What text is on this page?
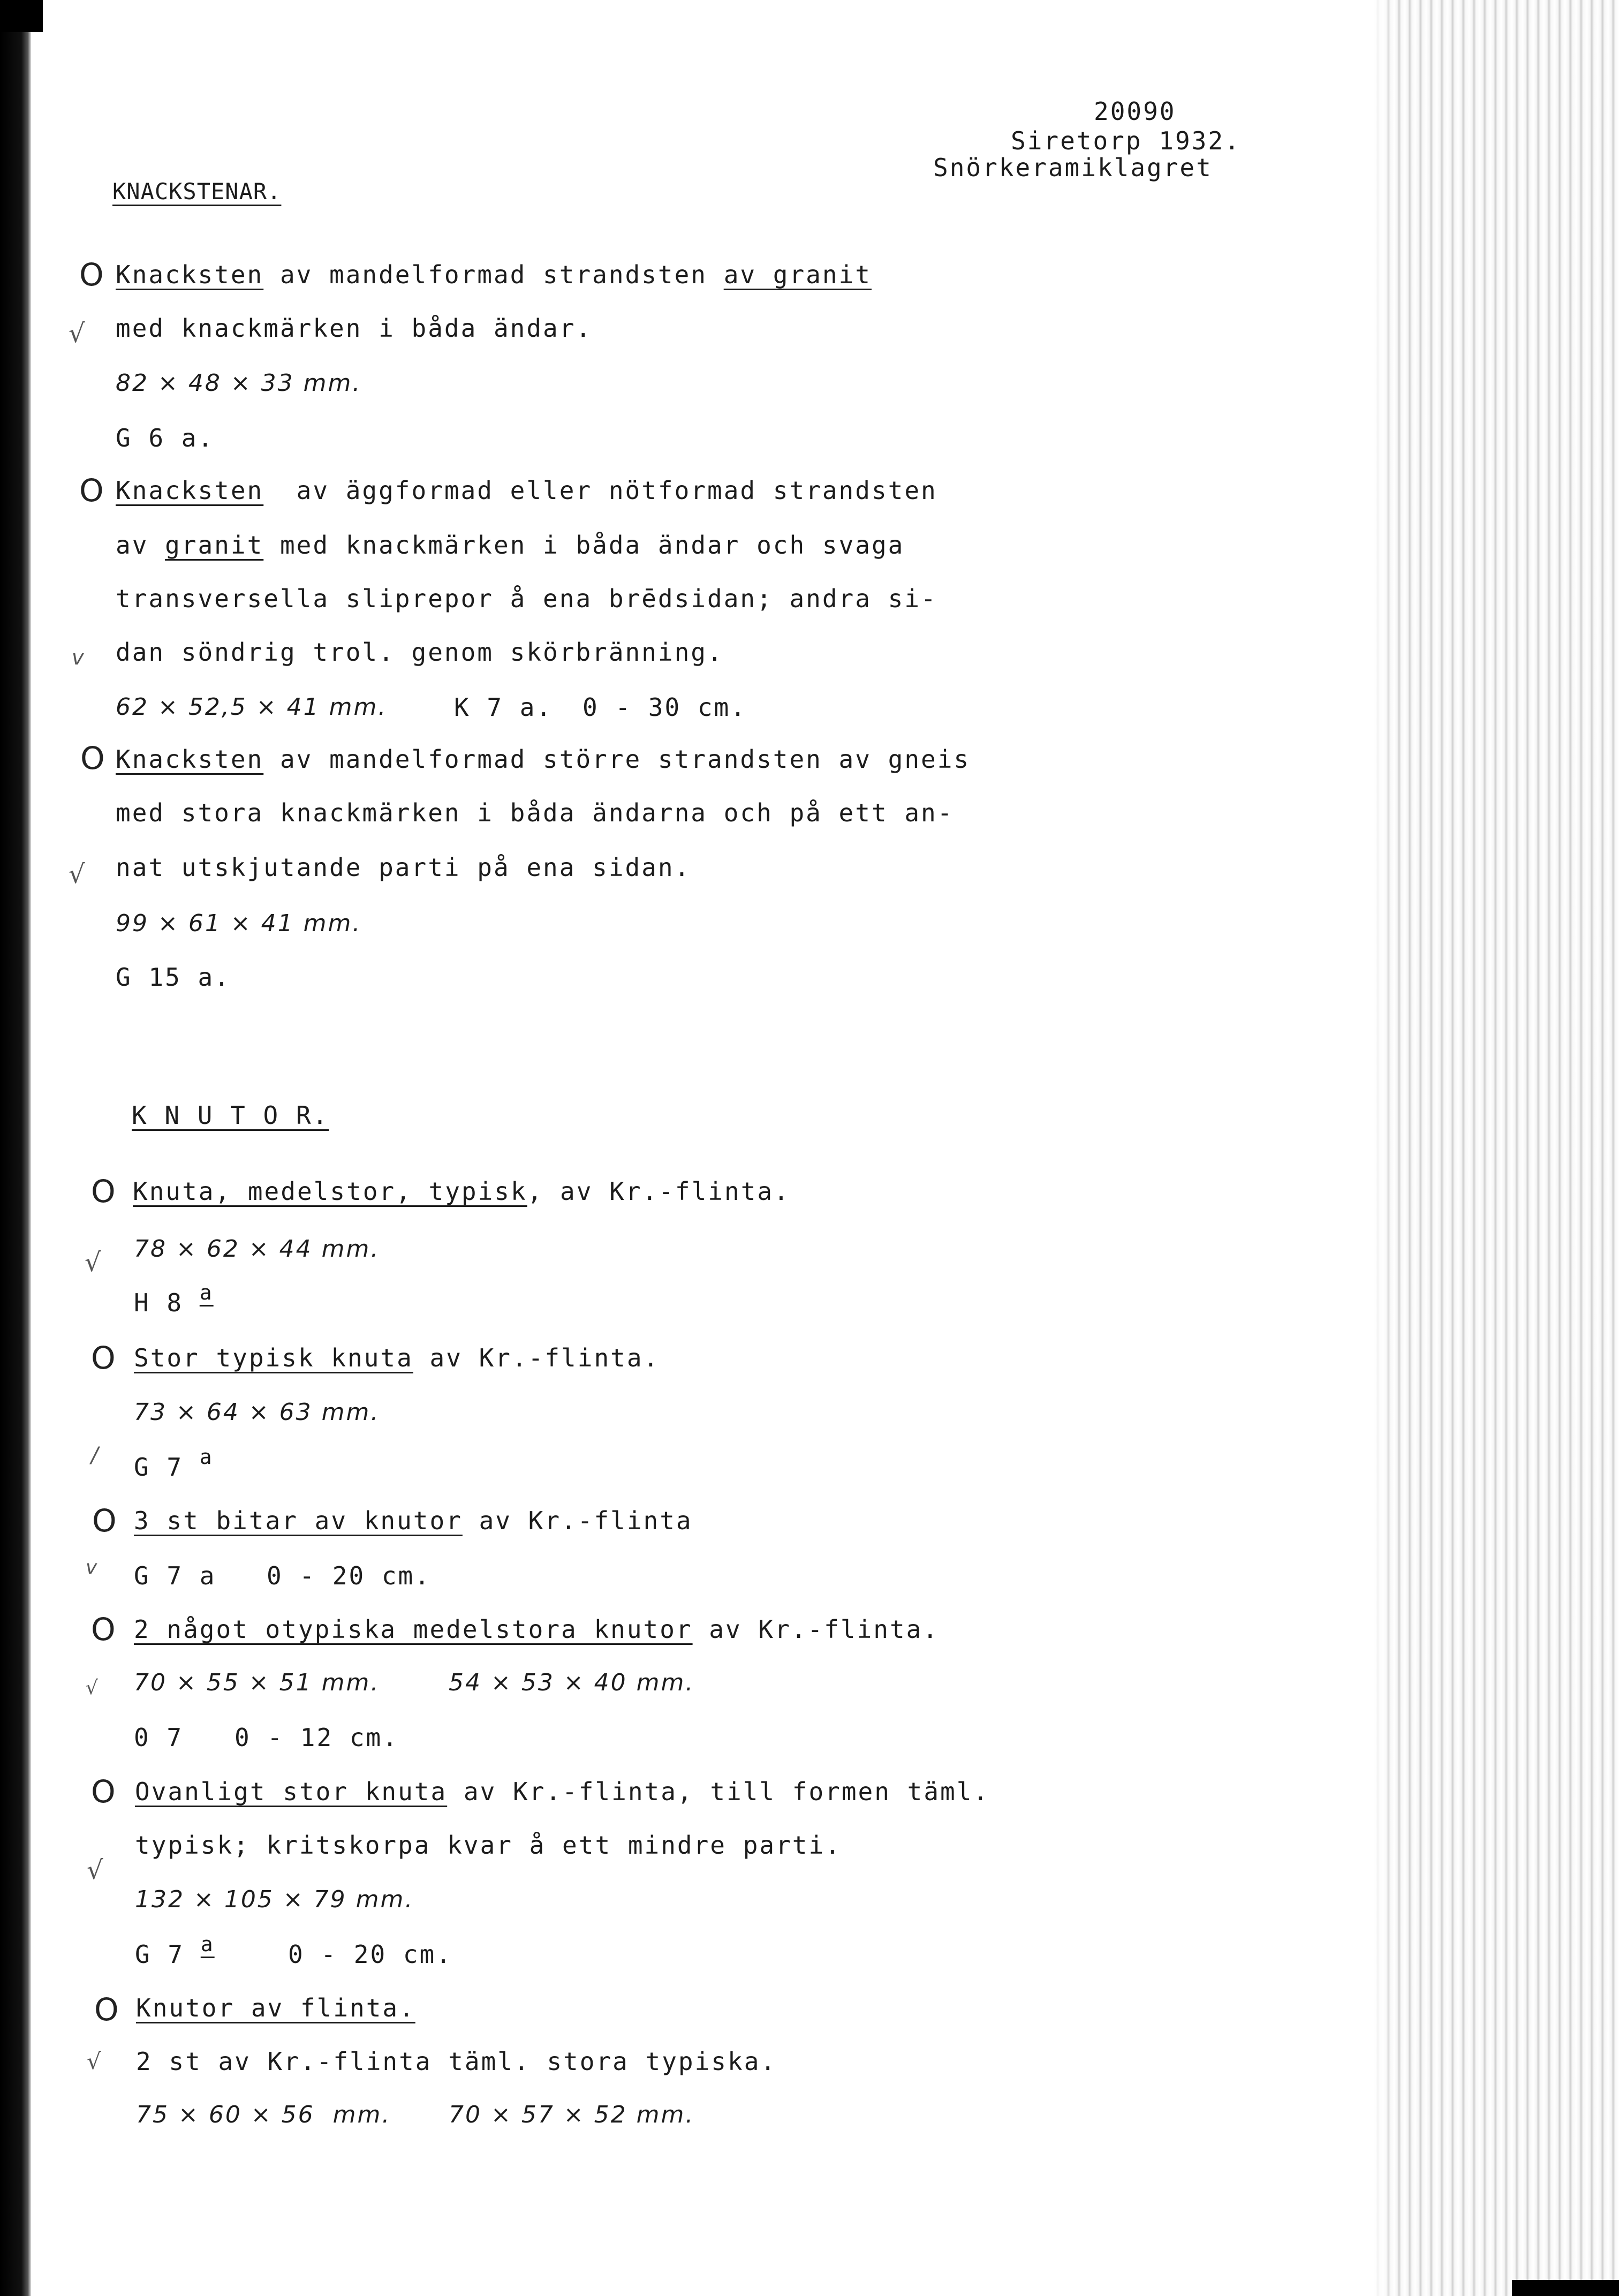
20090
Siretorp 1932.
Snörkeramiklagret
KNACKSTENAR.
O Knacksten av mandelformad strandsten av granit
√ med knackmärken i båda ändar.
82 × 48 × 33 mm.
G 6 a.
O Knacksten  av äggformad eller nötformad strandsten
av granit med knackmärken i båda ändar och svaga
transversella sliprepor å ena brēdsidan; andra si-
v dan söndrig trol. genom skörbränning.
62 × 52,5 × 41 mm.	K 7 a. 0 - 30 cm.
O Knacksten av mandelformad större strandsten av gneis
med stora knackmärken i båda ändarna och på ett an-
√ nat utskjutande parti på ena sidan.
99 × 61 × 41 mm.
G 15 a.
K N U T O R.
O Knuta, medelstor, typisk, av Kr.-flinta.
√ 78 × 62 × 44 mm.
H 8 $^a$
O Stor typisk knuta av Kr.-flinta.
73 × 64 × 63 mm.
/ G 7 $^a$
O 3 st bitar av knutor av Kr.-flinta
v G 7 a 0 - 20 cm.
O 2 något otypiska medelstora knutor av Kr.-flinta.
√ 70 × 55 × 51 mm.	54 × 53 × 40 mm.
0 7 0 - 12 cm.
O Ovanligt stor knuta av Kr.-flinta, till formen täml.
typisk; kritskorpa kvar å ett mindre parti.
√
132 × 105 × 79 mm.
G 7 $^a$	0 - 20 cm.
O Knutor av flinta.
√ 2 st av Kr.-flinta täml. stora typiska.
75 × 60 × 56  mm. 70 × 57 × 52 mm.
